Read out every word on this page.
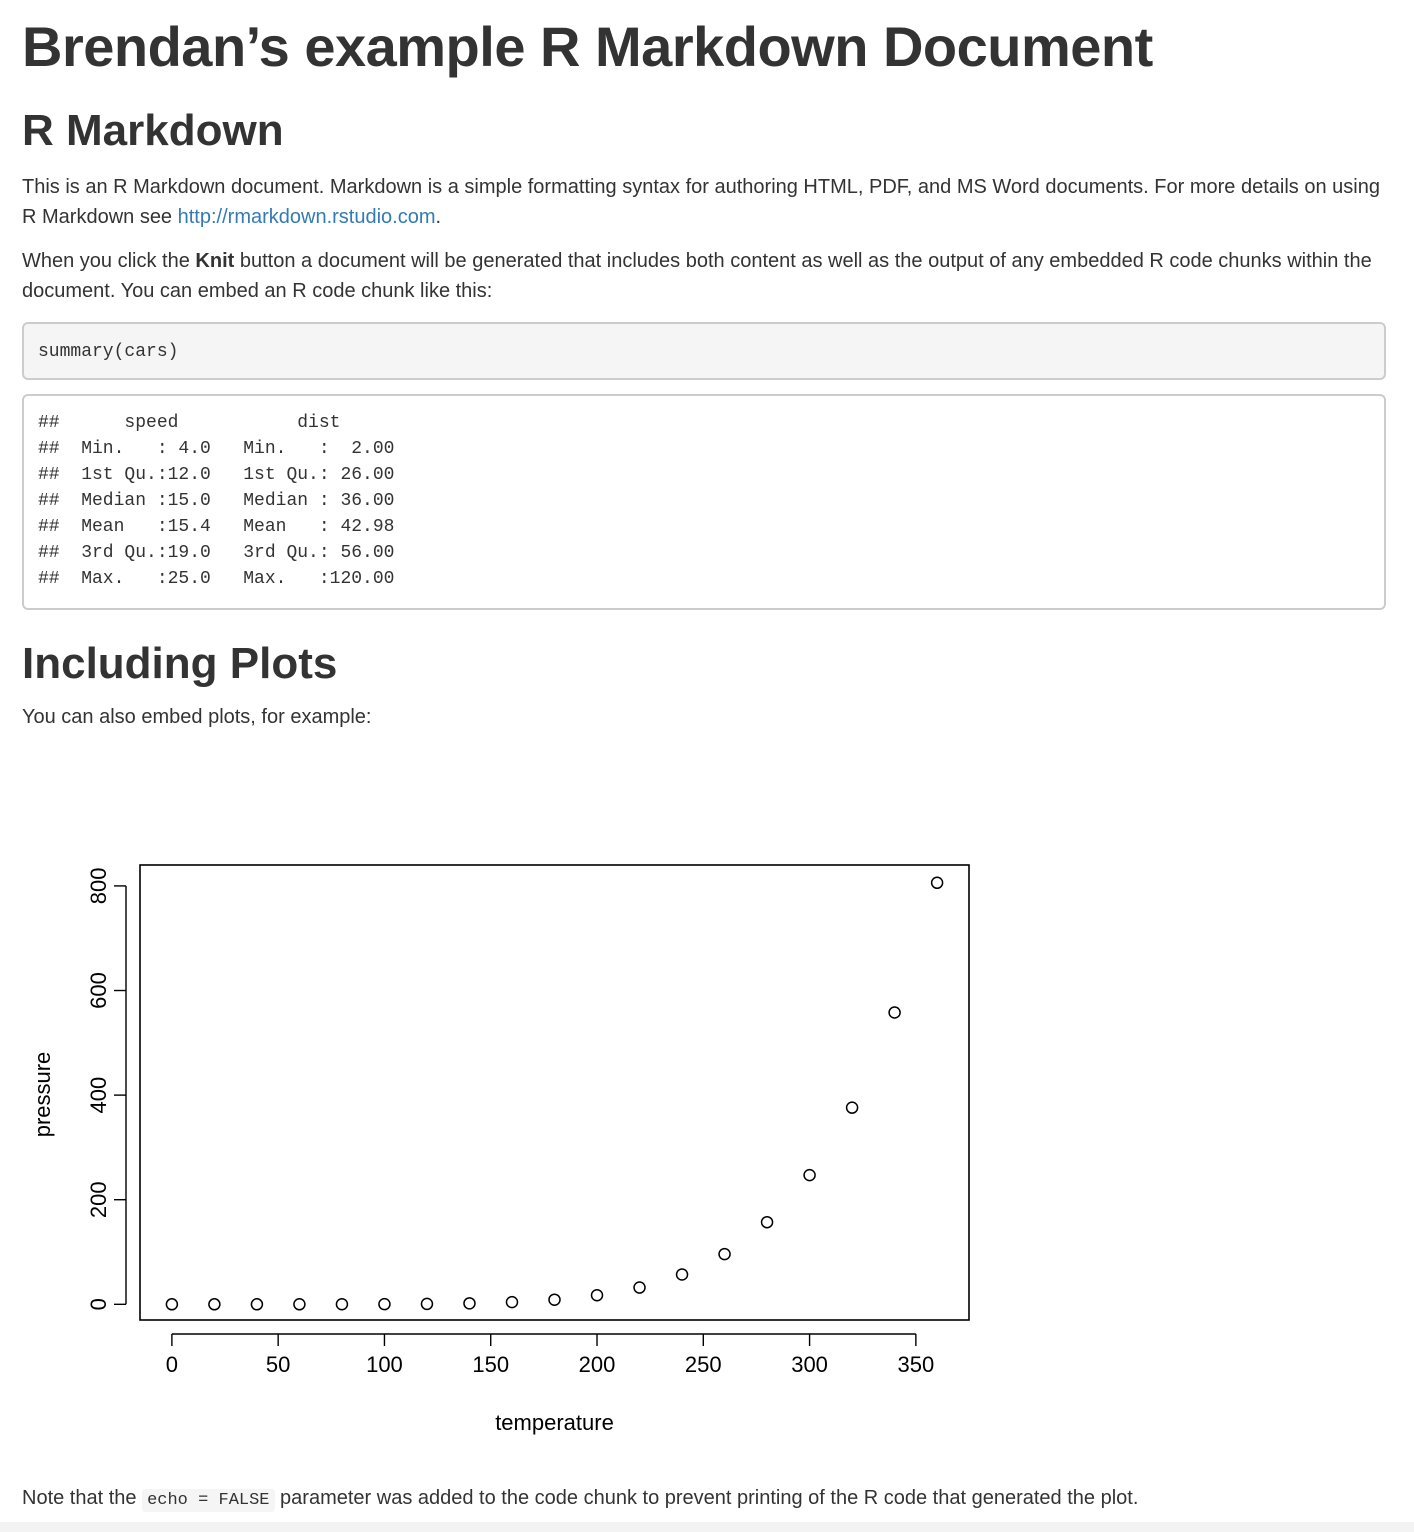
Brendan’s example R Markdown Document
R Markdown

This is an R Markdown document. Markdown is a simple formatting syntax for authoring HTML, PDF, and MS Word documents. For more details on using R Markdown see http://rmarkdown.rstudio.com.

When you click the Knit button a document will be generated that includes both content as well as the output of any embedded R code chunks within the document. You can embed an R code chunk like this:

summary(cars)
##      speed           dist
##  Min.   : 4.0   Min.   :  2.00
##  1st Qu.:12.0   1st Qu.: 26.00
##  Median :15.0   Median : 36.00
##  Mean   :15.4   Mean   : 42.98
##  3rd Qu.:19.0   3rd Qu.: 56.00
##  Max.   :25.0   Max.   :120.00
Including Plots

You can also embed plots, for example:

0	50	100	150	200	250	300	350
0
200
400
600
800
temperature
pressure

Note that the echo = FALSE parameter was added to the code chunk to prevent printing of the R code that generated the plot.
